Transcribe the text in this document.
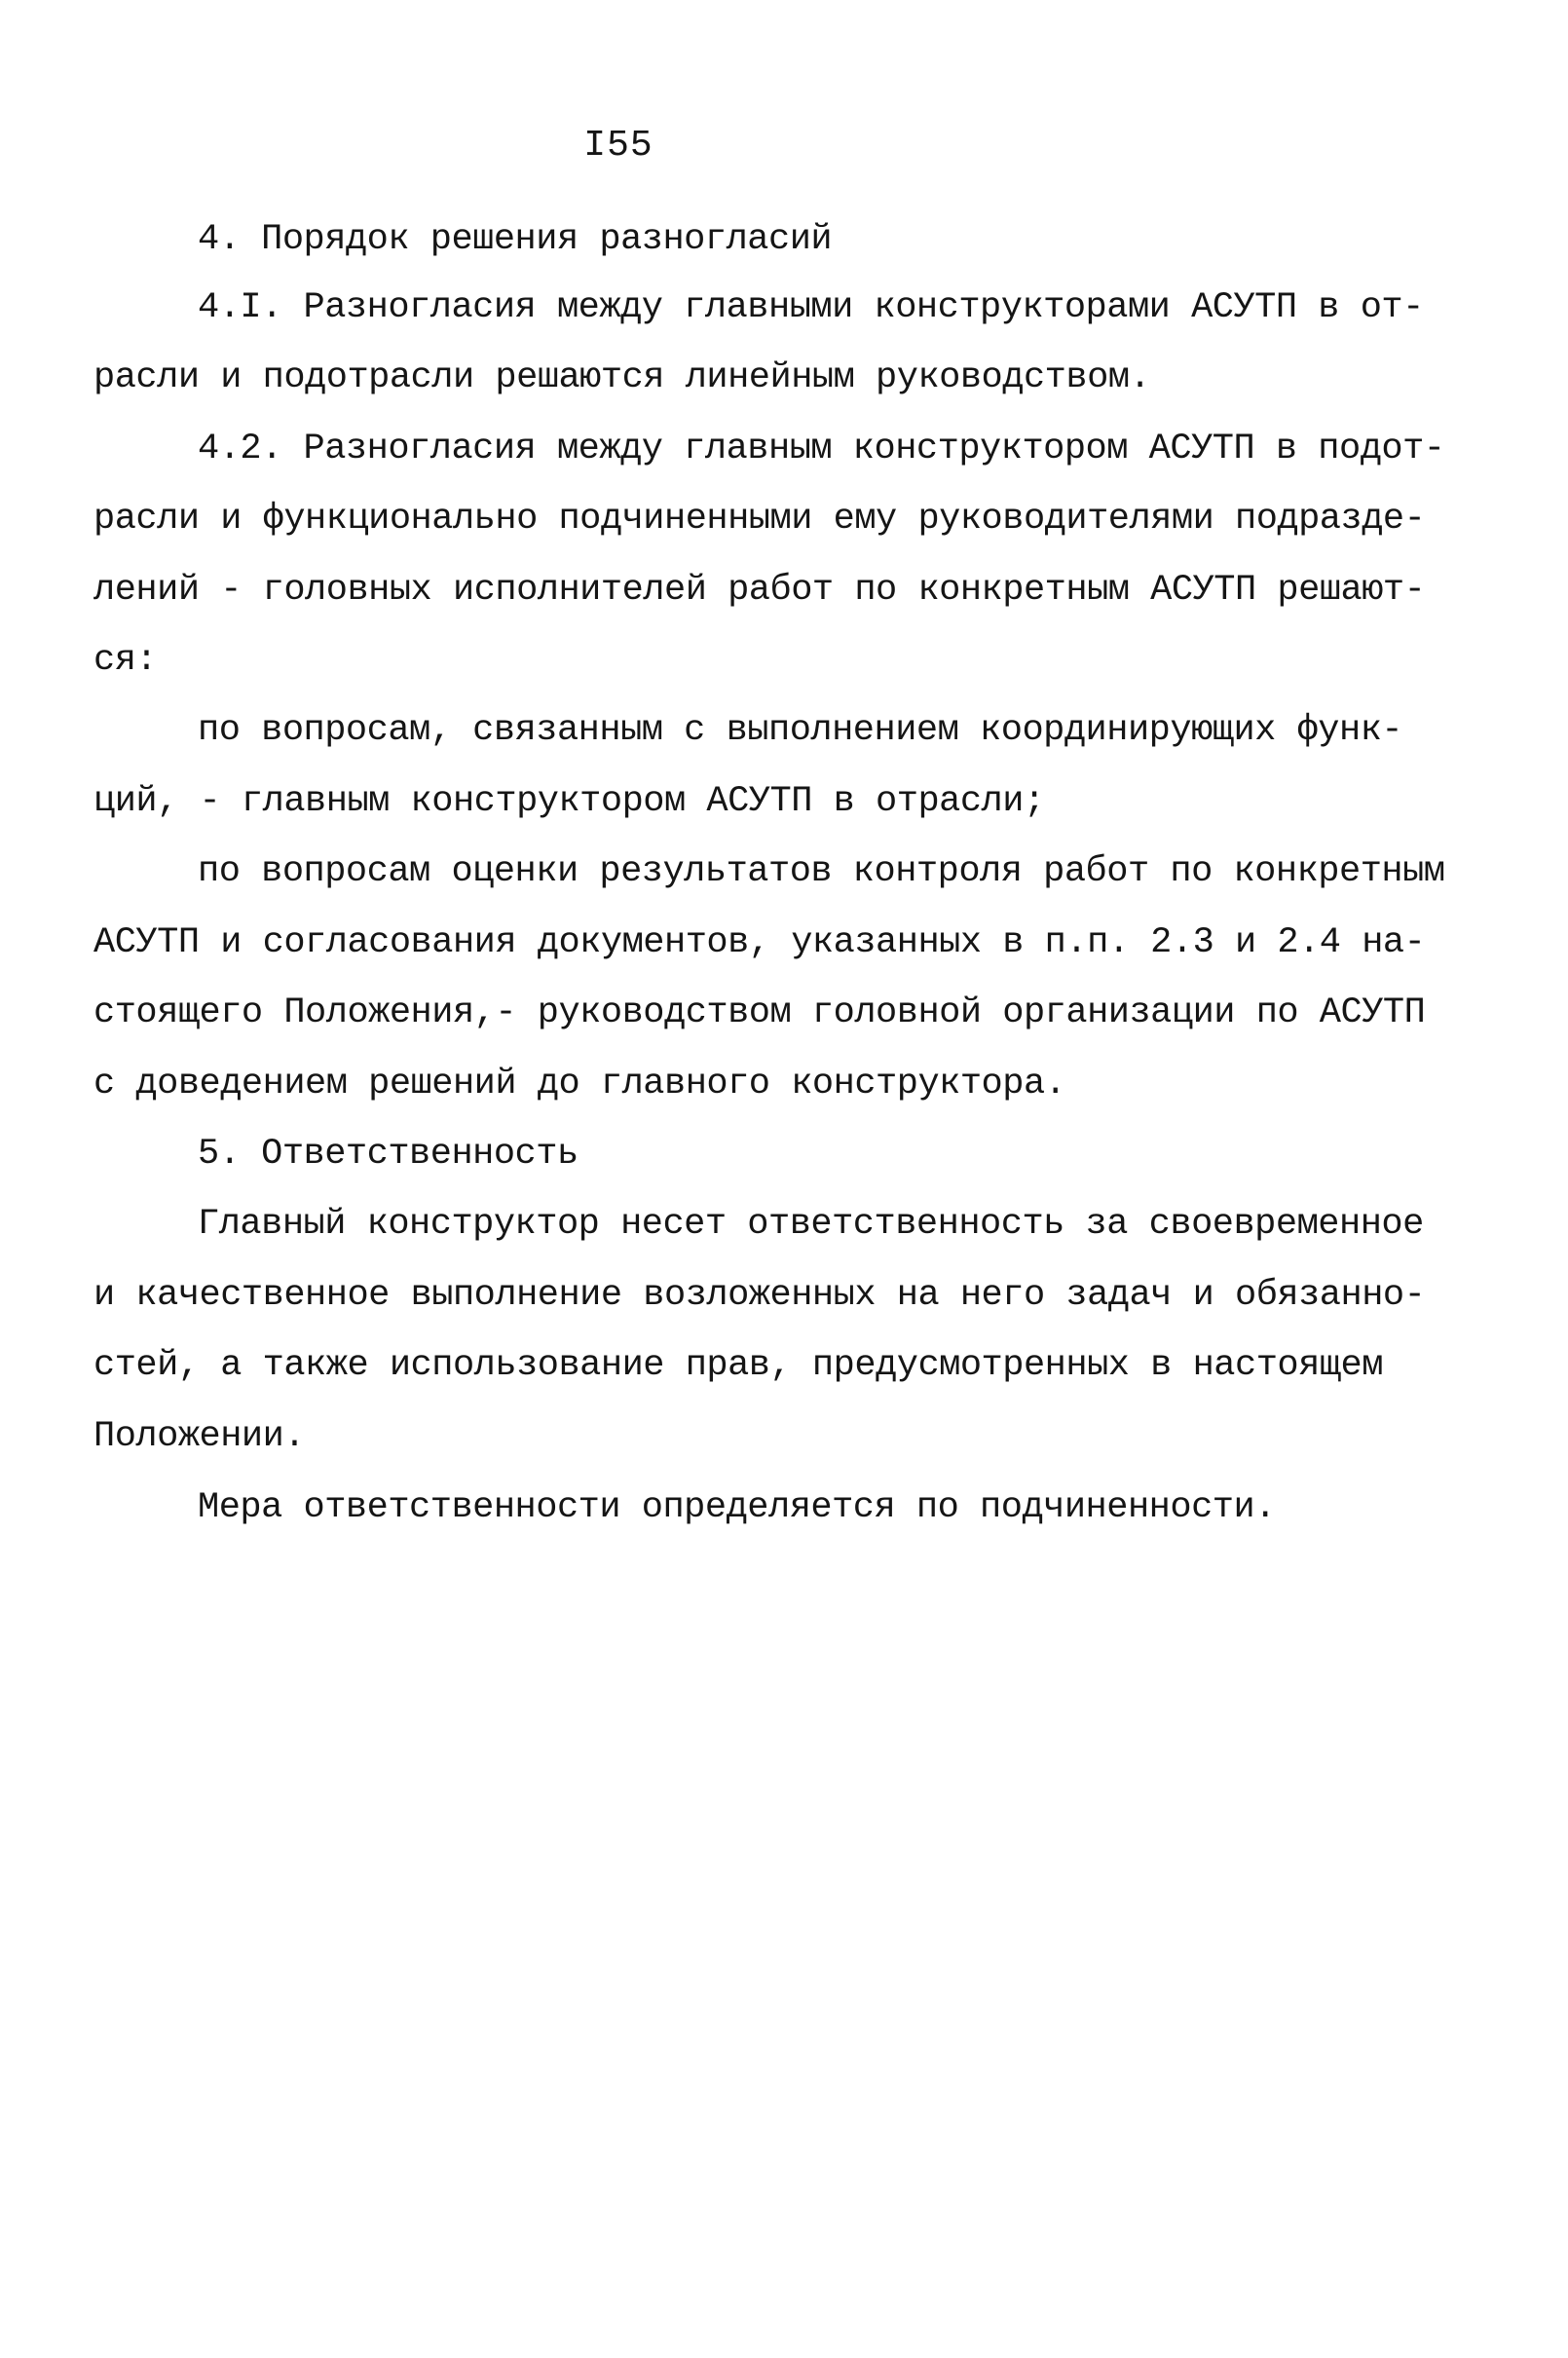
I55
4. Порядок решения разногласий
4.I. Разногласия между главными конструкторами АСУТП в от-
расли и подотрасли решаются линейным руководством.
4.2. Разногласия между главным конструктором АСУТП в подот-
расли и функционально подчиненными ему руководителями подразде-
лений - головных исполнителей работ по конкретным АСУТП решают-
ся:
по вопросам, связанным с выполнением координирующих функ-
ций, - главным конструктором АСУТП в отрасли;
по вопросам оценки результатов контроля работ по конкретным
АСУТП и согласования документов, указанных в п.п. 2.3 и 2.4 на-
стоящего Положения,- руководством головной организации по АСУТП
с доведением решений до главного конструктора.
5. Ответственность
Главный конструктор несет ответственность за своевременное
и качественное выполнение возложенных на него задач и обязанно-
стей, а также использование прав, предусмотренных в настоящем
Положении.
Мера ответственности определяется по подчиненности.
